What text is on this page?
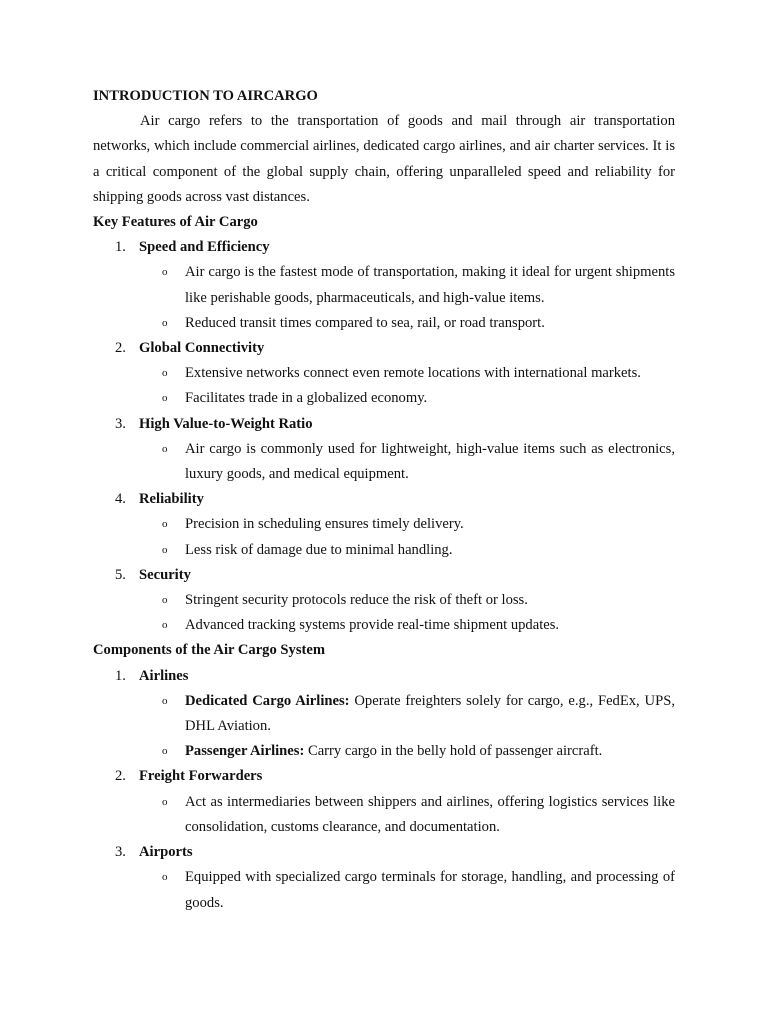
INTRODUCTION TO AIRCARGO

Air cargo refers to the transportation of goods and mail through air transportation networks, which include commercial airlines, dedicated cargo airlines, and air charter services. It is a critical component of the global supply chain, offering unparalleled speed and reliability for shipping goods across vast distances.

Key Features of Air Cargo

1. Speed and Efficiency
o Air cargo is the fastest mode of transportation, making it ideal for urgent shipments like perishable goods, pharmaceuticals, and high-value items.
o Reduced transit times compared to sea, rail, or road transport.
2. Global Connectivity
o Extensive networks connect even remote locations with international markets.
o Facilitates trade in a globalized economy.
3. High Value-to-Weight Ratio
o Air cargo is commonly used for lightweight, high-value items such as electronics, luxury goods, and medical equipment.
4. Reliability
o Precision in scheduling ensures timely delivery.
o Less risk of damage due to minimal handling.
5. Security
o Stringent security protocols reduce the risk of theft or loss.
o Advanced tracking systems provide real-time shipment updates.

Components of the Air Cargo System

1. Airlines
o Dedicated Cargo Airlines: Operate freighters solely for cargo, e.g., FedEx, UPS, DHL Aviation.
o Passenger Airlines: Carry cargo in the belly hold of passenger aircraft.
2. Freight Forwarders
o Act as intermediaries between shippers and airlines, offering logistics services like consolidation, customs clearance, and documentation.
3. Airports
o Equipped with specialized cargo terminals for storage, handling, and processing of goods.
